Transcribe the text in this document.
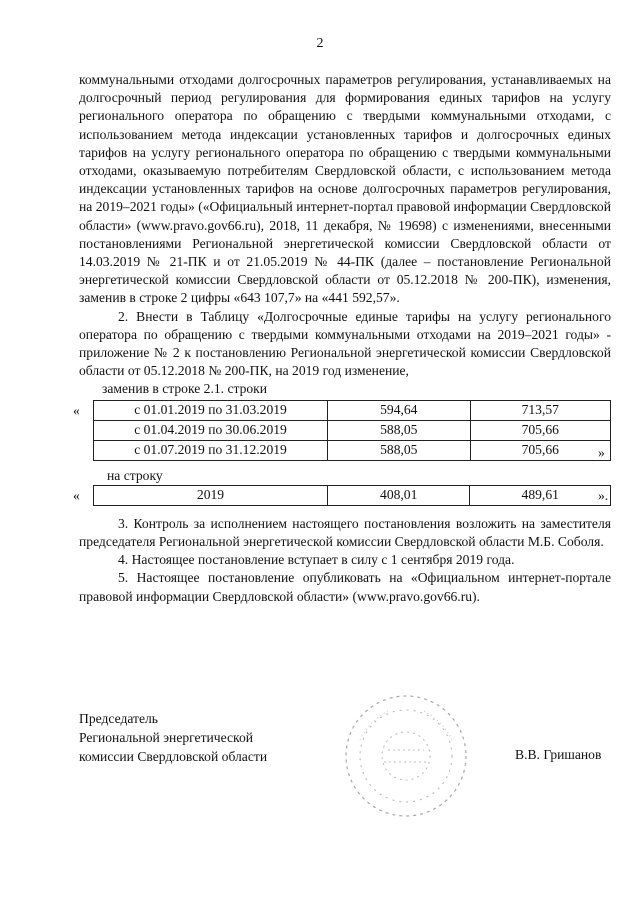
2

коммунальными отходами долгосрочных параметров регулирования, устанавливаемых на долгосрочный период регулирования для формирования единых тарифов на услугу регионального оператора по обращению с твердыми коммунальными отходами, с использованием метода индексации установленных тарифов и долгосрочных единых тарифов на услугу регионального оператора по обращению с твердыми коммунальными отходами, оказываемую потребителям Свердловской области, с использованием метода индексации установленных тарифов на основе долгосрочных параметров регулирования, на 2019–2021 годы» («Официальный интернет-портал правовой информации Свердловской области» (www.pravo.gov66.ru), 2018, 11 декабря, № 19698) с изменениями, внесенными постановлениями Региональной энергетической комиссии Свердловской области от 14.03.2019 № 21-ПК и от 21.05.2019 № 44-ПК (далее – постановление Региональной энергетической комиссии Свердловской области от 05.12.2018 № 200-ПК), изменения, заменив в строке 2 цифры «643 107,7» на «441 592,57».

2. Внести в Таблицу «Долгосрочные единые тарифы на услугу регионального оператора по обращению с твердыми коммунальными отходами на 2019–2021 годы» - приложение № 2 к постановлению Региональной энергетической комиссии Свердловской области от 05.12.2018 № 200-ПК, на 2019 год изменение,

заменив в строке 2.1. строки

«	с 01.01.2019 по 31.03.2019	594,64	713,57
с 01.04.2019 по 30.06.2019	588,05	705,66
с 01.07.2019 по 31.12.2019	588,05	705,66	»

на строку

«	2019	408,01	489,61	».

3. Контроль за исполнением настоящего постановления возложить на заместителя председателя Региональной энергетической комиссии Свердловской области М.Б. Соболя.

4. Настоящее постановление вступает в силу с 1 сентября 2019 года.

5. Настоящее постановление опубликовать на «Официальном интернет-портале правовой информации Свердловской области» (www.pravo.gov66.ru).

Председатель
Региональной энергетической
комиссии Свердловской области	В.В. Гришанов
